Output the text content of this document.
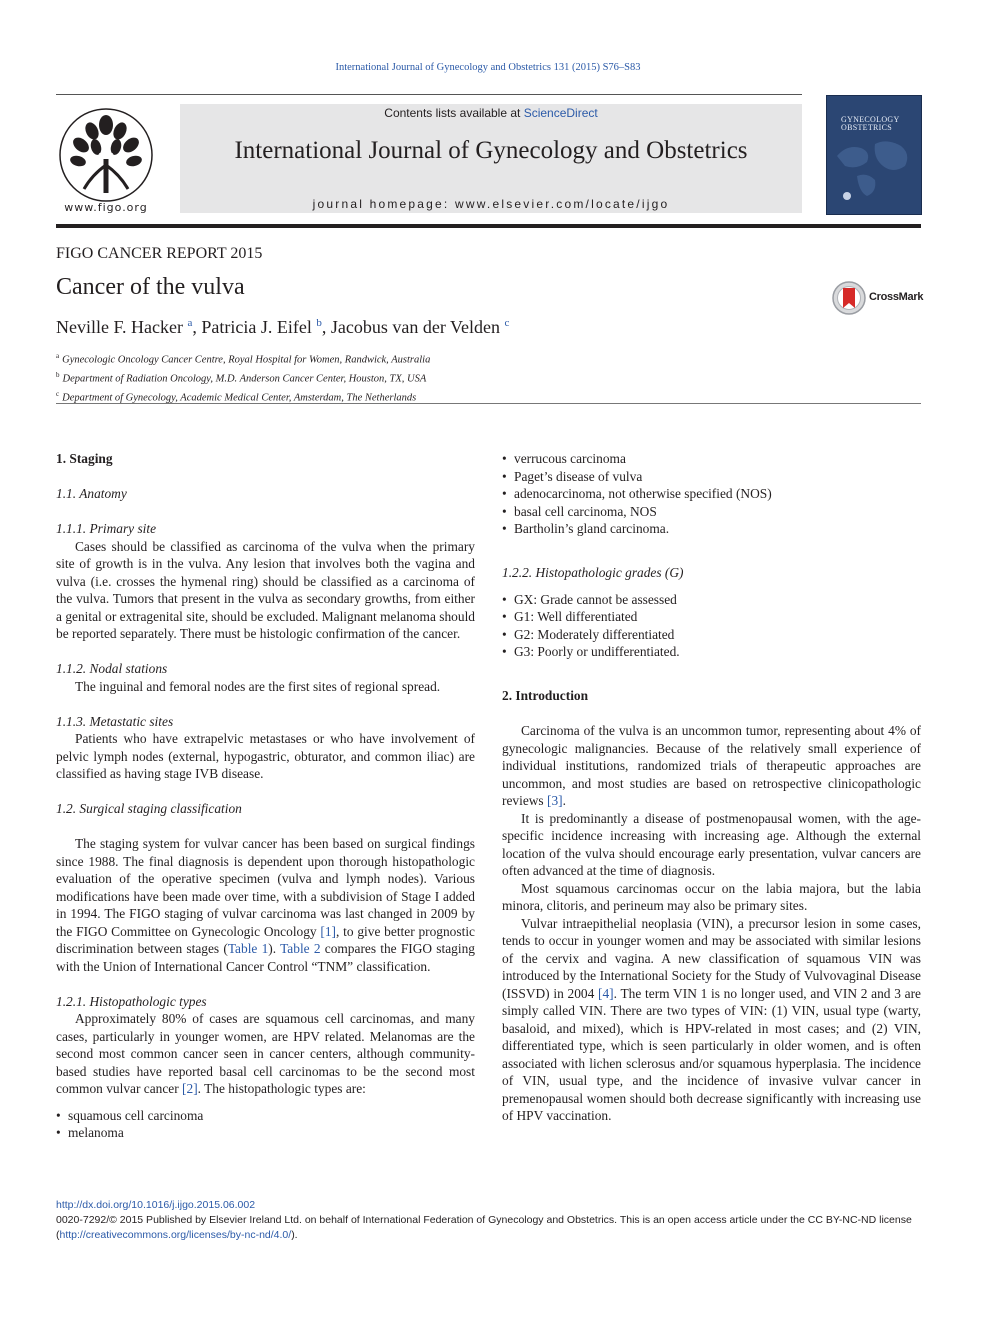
International Journal of Gynecology and Obstetrics 131 (2015) S76–S83
www.figo.org
Contents lists available at ScienceDirect
International Journal of Gynecology and Obstetrics
journal homepage: www.elsevier.com/locate/ijgo
GYNECOLOGY
OBSTETRICS
FIGO CANCER REPORT 2015
Cancer of the vulva	CrossMark
Neville F. Hacker $^a$, Patricia J. Eifel $^b$, Jacobus van der Velden $^c$
$^a$ Gynecologic Oncology Cancer Centre, Royal Hospital for Women, Randwick, Australia
$^b$ Department of Radiation Oncology, M.D. Anderson Cancer Center, Houston, TX, USA
$^c$ Department of Gynecology, Academic Medical Center, Amsterdam, The Netherlands
1. Staging
1.1. Anatomy
1.1.1. Primary site

Cases should be classified as carcinoma of the vulva when the primary site of growth is in the vulva. Any lesion that involves both the vagina and vulva (i.e. crosses the hymenal ring) should be classified as a carcinoma of the vulva. Tumors that present in the vulva as secondary growths, from either a genital or extragenital site, should be excluded. Malignant melanoma should be reported separately. There must be histologic confirmation of the cancer.

1.1.2. Nodal stations

The inguinal and femoral nodes are the first sites of regional spread.

1.1.3. Metastatic sites

Patients who have extrapelvic metastases or who have involvement of pelvic lymph nodes (external, hypogastric, obturator, and common iliac) are classified as having stage IVB disease.

1.2. Surgical staging classification

The staging system for vulvar cancer has been based on surgical findings since 1988. The final diagnosis is dependent upon thorough histopathologic evaluation of the operative specimen (vulva and lymph nodes). Various modifications have been made over time, with a subdivision of Stage I added in 1994. The FIGO staging of vulvar carcinoma was last changed in 2009 by the FIGO Committee on Gynecologic Oncology [1], to give better prognostic discrimination between stages (Table 1). Table 2 compares the FIGO staging with the Union of International Cancer Control “TNM” classification.

1.2.1. Histopathologic types

Approximately 80% of cases are squamous cell carcinomas, and many cases, particularly in younger women, are HPV related. Melanomas are the second most common cancer seen in cancer centers, although community-based studies have reported basal cell carcinomas to be the second most common vulvar cancer [2]. The histopathologic types are:

• squamous cell carcinoma
• melanoma
• verrucous carcinoma
• Paget’s disease of vulva
• adenocarcinoma, not otherwise specified (NOS)
• basal cell carcinoma, NOS
• Bartholin’s gland carcinoma.
1.2.2. Histopathologic grades (G)
• GX: Grade cannot be assessed
• G1: Well differentiated
• G2: Moderately differentiated
• G3: Poorly or undifferentiated.
2. Introduction

Carcinoma of the vulva is an uncommon tumor, representing about 4% of gynecologic malignancies. Because of the relatively small experience of individual institutions, randomized trials of therapeutic approaches are uncommon, and most studies are based on retrospective clinicopathologic reviews [3].

It is predominantly a disease of postmenopausal women, with the age-specific incidence increasing with increasing age. Although the external location of the vulva should encourage early presentation, vulvar cancers are often advanced at the time of diagnosis.

Most squamous carcinomas occur on the labia majora, but the labia minora, clitoris, and perineum may also be primary sites.

Vulvar intraepithelial neoplasia (VIN), a precursor lesion in some cases, tends to occur in younger women and may be associated with similar lesions of the cervix and vagina. A new classification of squamous VIN was introduced by the International Society for the Study of Vulvovaginal Disease (ISSVD) in 2004 [4]. The term VIN 1 is no longer used, and VIN 2 and 3 are simply called VIN. There are two types of VIN: (1) VIN, usual type (warty, basaloid, and mixed), which is HPV-related in most cases; and (2) VIN, differentiated type, which is seen particularly in older women, and is often associated with lichen sclerosus and/or squamous hyperplasia. The incidence of VIN, usual type, and the incidence of invasive vulvar cancer in premenopausal women should both decrease significantly with increasing use of HPV vaccination.

http://dx.doi.org/10.1016/j.ijgo.2015.06.002
0020-7292/© 2015 Published by Elsevier Ireland Ltd. on behalf of International Federation of Gynecology and Obstetrics. This is an open access article under the CC BY-NC-ND license
(http://creativecommons.org/licenses/by-nc-nd/4.0/).
